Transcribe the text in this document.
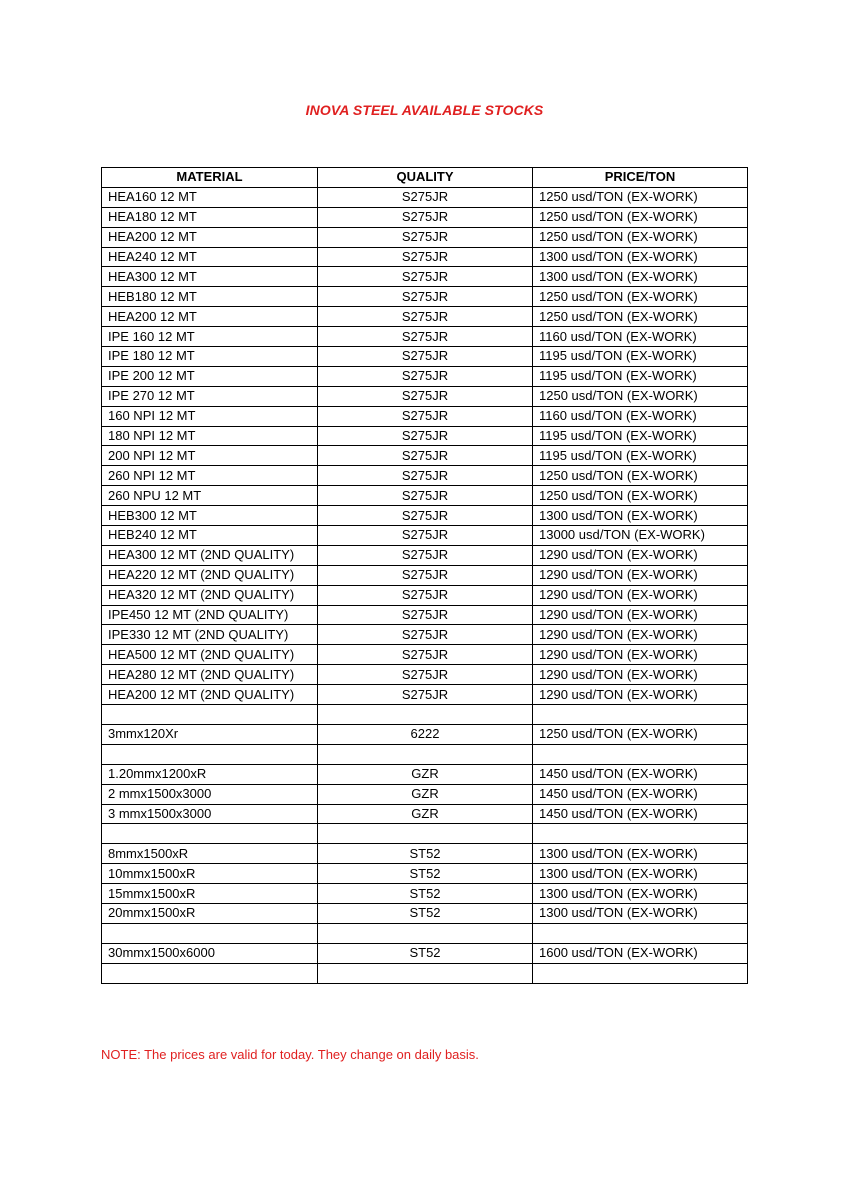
INOVA STEEL AVAILABLE STOCKS
MATERIAL	QUALITY	PRICE/TON
HEA160 12 MT	S275JR	1250 usd/TON (EX-WORK)
HEA180 12 MT	S275JR	1250 usd/TON (EX-WORK)
HEA200 12 MT	S275JR	1250 usd/TON (EX-WORK)
HEA240 12 MT	S275JR	1300 usd/TON (EX-WORK)
HEA300 12 MT	S275JR	1300 usd/TON (EX-WORK)
HEB180 12 MT	S275JR	1250 usd/TON (EX-WORK)
HEA200 12 MT	S275JR	1250 usd/TON (EX-WORK)
IPE 160 12 MT	S275JR	1160 usd/TON (EX-WORK)
IPE 180 12 MT	S275JR	1195 usd/TON (EX-WORK)
IPE 200 12 MT	S275JR	1195 usd/TON (EX-WORK)
IPE 270 12 MT	S275JR	1250 usd/TON (EX-WORK)
160 NPI 12 MT	S275JR	1160 usd/TON (EX-WORK)
180 NPI 12 MT	S275JR	1195 usd/TON (EX-WORK)
200 NPI 12 MT	S275JR	1195 usd/TON (EX-WORK)
260 NPI 12 MT	S275JR	1250 usd/TON (EX-WORK)
260 NPU 12 MT	S275JR	1250 usd/TON (EX-WORK)
HEB300 12 MT	S275JR	1300 usd/TON (EX-WORK)
HEB240 12 MT	S275JR	13000 usd/TON (EX-WORK)
HEA300 12 MT (2ND QUALITY)	S275JR	1290 usd/TON (EX-WORK)
HEA220 12 MT (2ND QUALITY)	S275JR	1290 usd/TON (EX-WORK)
HEA320 12 MT (2ND QUALITY)	S275JR	1290 usd/TON (EX-WORK)
IPE450 12 MT (2ND QUALITY)	S275JR	1290 usd/TON (EX-WORK)
IPE330 12 MT (2ND QUALITY)	S275JR	1290 usd/TON (EX-WORK)
HEA500 12 MT (2ND QUALITY)	S275JR	1290 usd/TON (EX-WORK)
HEA280 12 MT (2ND QUALITY)	S275JR	1290 usd/TON (EX-WORK)
HEA200 12 MT (2ND QUALITY)	S275JR	1290 usd/TON (EX-WORK)

3mmx120Xr	6222	1250 usd/TON (EX-WORK)

1.20mmx1200xR	GZR	1450 usd/TON (EX-WORK)
2 mmx1500x3000	GZR	1450 usd/TON (EX-WORK)
3 mmx1500x3000	GZR	1450 usd/TON (EX-WORK)

8mmx1500xR	ST52	1300 usd/TON (EX-WORK)
10mmx1500xR	ST52	1300 usd/TON (EX-WORK)
15mmx1500xR	ST52	1300 usd/TON (EX-WORK)
20mmx1500xR	ST52	1300 usd/TON (EX-WORK)

30mmx1500x6000	ST52	1600 usd/TON (EX-WORK)

NOTE: The prices are valid for today. They change on daily basis.
